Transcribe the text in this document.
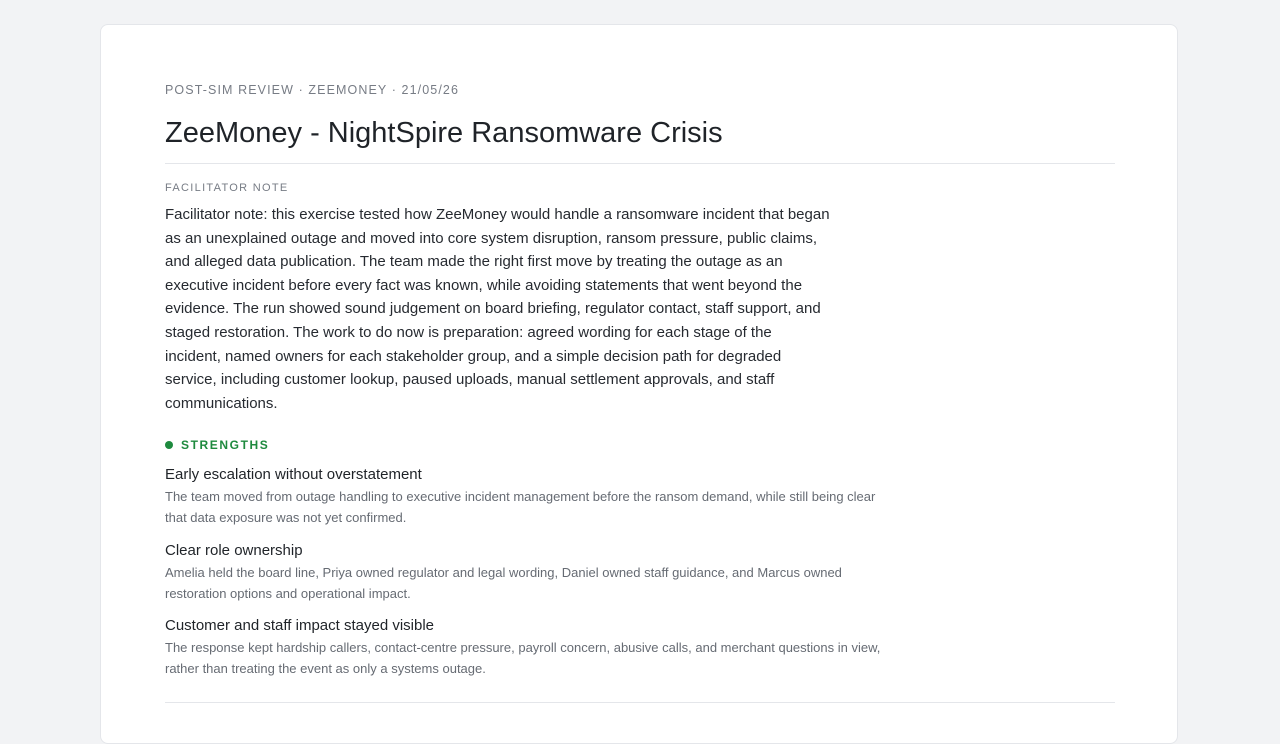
POST-SIM REVIEW · ZEEMONEY · 21/05/26
ZeeMoney - NightSpire Ransomware Crisis
FACILITATOR NOTE

Facilitator note: this exercise tested how ZeeMoney would handle a ransomware incident that began as an unexplained outage and moved into core system disruption, ransom pressure, public claims, and alleged data publication. The team made the right first move by treating the outage as an executive incident before every fact was known, while avoiding statements that went beyond the evidence. The run showed sound judgement on board briefing, regulator contact, staff support, and staged restoration. The work to do now is preparation: agreed wording for each stage of the incident, named owners for each stakeholder group, and a simple decision path for degraded service, including customer lookup, paused uploads, manual settlement approvals, and staff communications.

STRENGTHS
Early escalation without overstatement
The team moved from outage handling to executive incident management before the ransom demand, while still being clear that data exposure was not yet confirmed.
Clear role ownership
Amelia held the board line, Priya owned regulator and legal wording, Daniel owned staff guidance, and Marcus owned restoration options and operational impact.
Customer and staff impact stayed visible
The response kept hardship callers, contact-centre pressure, payroll concern, abusive calls, and merchant questions in view, rather than treating the event as only a systems outage.
